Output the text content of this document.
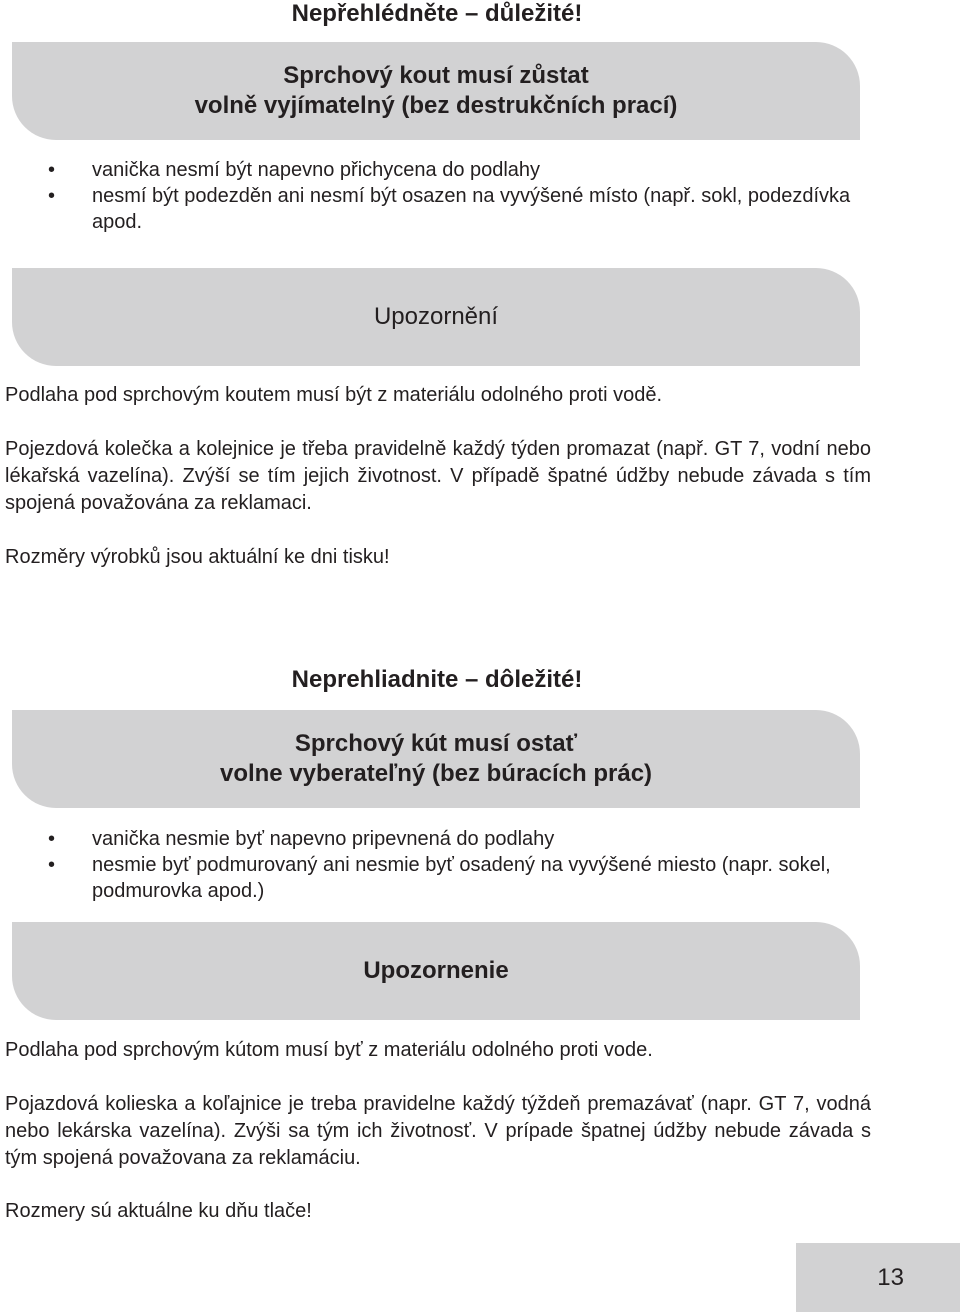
Nepřehlédněte – důležité!
Sprchový kout musí zůstat
volně vyjímatelný (bez destrukčních prací)
• vanička nesmí být napevno přichycena do podlahy
• nesmí být podezděn ani nesmí být osazen na vyvýšené místo (např. sokl, podezdívka apod.
Upozornění

Podlaha pod sprchovým koutem musí být z materiálu odolného proti vodě.

Pojezdová kolečka a kolejnice je třeba pravidelně každý týden promazat (např. GT 7, vodní nebo lékařská vazelína). Zvýší se tím jejich životnost. V případě špatné údžby nebude závada s tím spojená považována za reklamaci.

Rozměry výrobků jsou aktuální ke dni tisku!

Neprehliadnite – dôležité!
Sprchový kút musí ostať
volne vyberateľný (bez búracích prác)
• vanička nesmie byť napevno pripevnená do podlahy
• nesmie byť podmurovaný ani nesmie byť osadený na vyvýšené miesto (napr. sokel, podmurovka apod.)
Upozornenie

Podlaha pod sprchovým kútom musí byť z materiálu odolného proti vode.

Pojazdová kolieska a koľajnice je treba pravidelne každý týždeň premazávať (napr. GT 7, vodná nebo lekárska vazelína). Zvýši sa tým ich životnosť. V prípade špatnej údžby nebude závada s tým spojená považovana za reklamáciu.

Rozmery sú aktuálne ku dňu tlače!

13
